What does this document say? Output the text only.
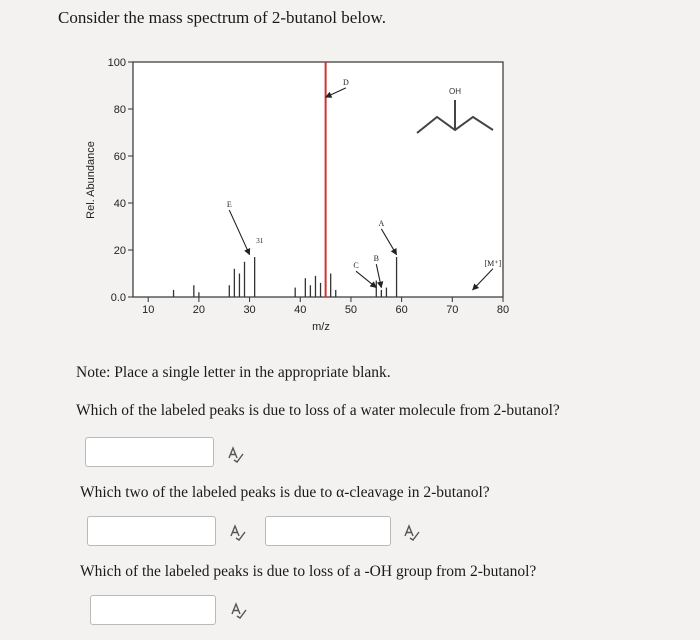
Consider the mass spectrum of 2-butanol below.
10	20	30	40	50	60	70	80
0.0
20
40
60
80
100
D
E
31
A
B
C	[M⁺]
OH
m/z
Rel. Abundance
Note: Place a single letter in the appropriate blank.
Which of the labeled peaks is due to loss of a water molecule from 2-butanol?
Which two of the labeled peaks is due to α-cleavage in 2-butanol?
Which of the labeled peaks is due to loss of a -OH group from 2-butanol?
